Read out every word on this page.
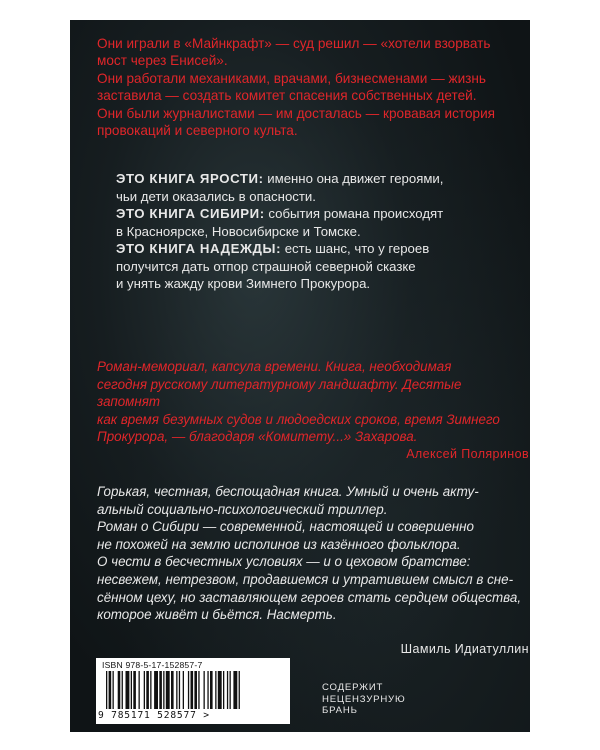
Они играли в «Майнкрафт» — суд решил — «хотели взорвать

мост через Енисей».

Они работали механиками, врачами, бизнесменами — жизнь

заставила — создать комитет спасения собственных детей.

Они были журналистами — им досталась — кровавая история

провокаций и северного культа.

ЭТО КНИГА ЯРОСТИ: именно она движет героями,

чьи дети оказались в опасности.

ЭТО КНИГА СИБИРИ: события романа происходят

в Красноярске, Новосибирске и Томске.

ЭТО КНИГА НАДЕЖДЫ: есть шанс, что у героев

получится дать отпор страшной северной сказке

и унять жажду крови Зимнего Прокурора.

Роман-мемориал, капсула времени. Книга, необходимая

сегодня русскому литературному ландшафту. Десятые запомнят

как время безумных судов и людоедских сроков, время Зимнего

Прокурора, — благодаря «Комитету...» Захарова.

Алексей Поляринов

Горькая, честная, беспощадная книга. Умный и очень акту-

альный социально-психологический триллер.

Роман о Сибири — современной, настоящей и совершенно

не похожей на землю исполинов из казённого фольклора.

О чести в бесчестных условиях — и о цеховом братстве:

несвежем, нетрезвом, продавшемся и утратившем смысл в сне-

сённом цеху, но заставляющем героев стать сердцем общества,

которое живёт и бьётся. Насмерть.

Шамиль Идиатуллин
ISBN 978-5-17-152857-7
9 785171 528577 >

СОДЕРЖИТ

НЕЦЕНЗУРНУЮ

БРАНЬ
